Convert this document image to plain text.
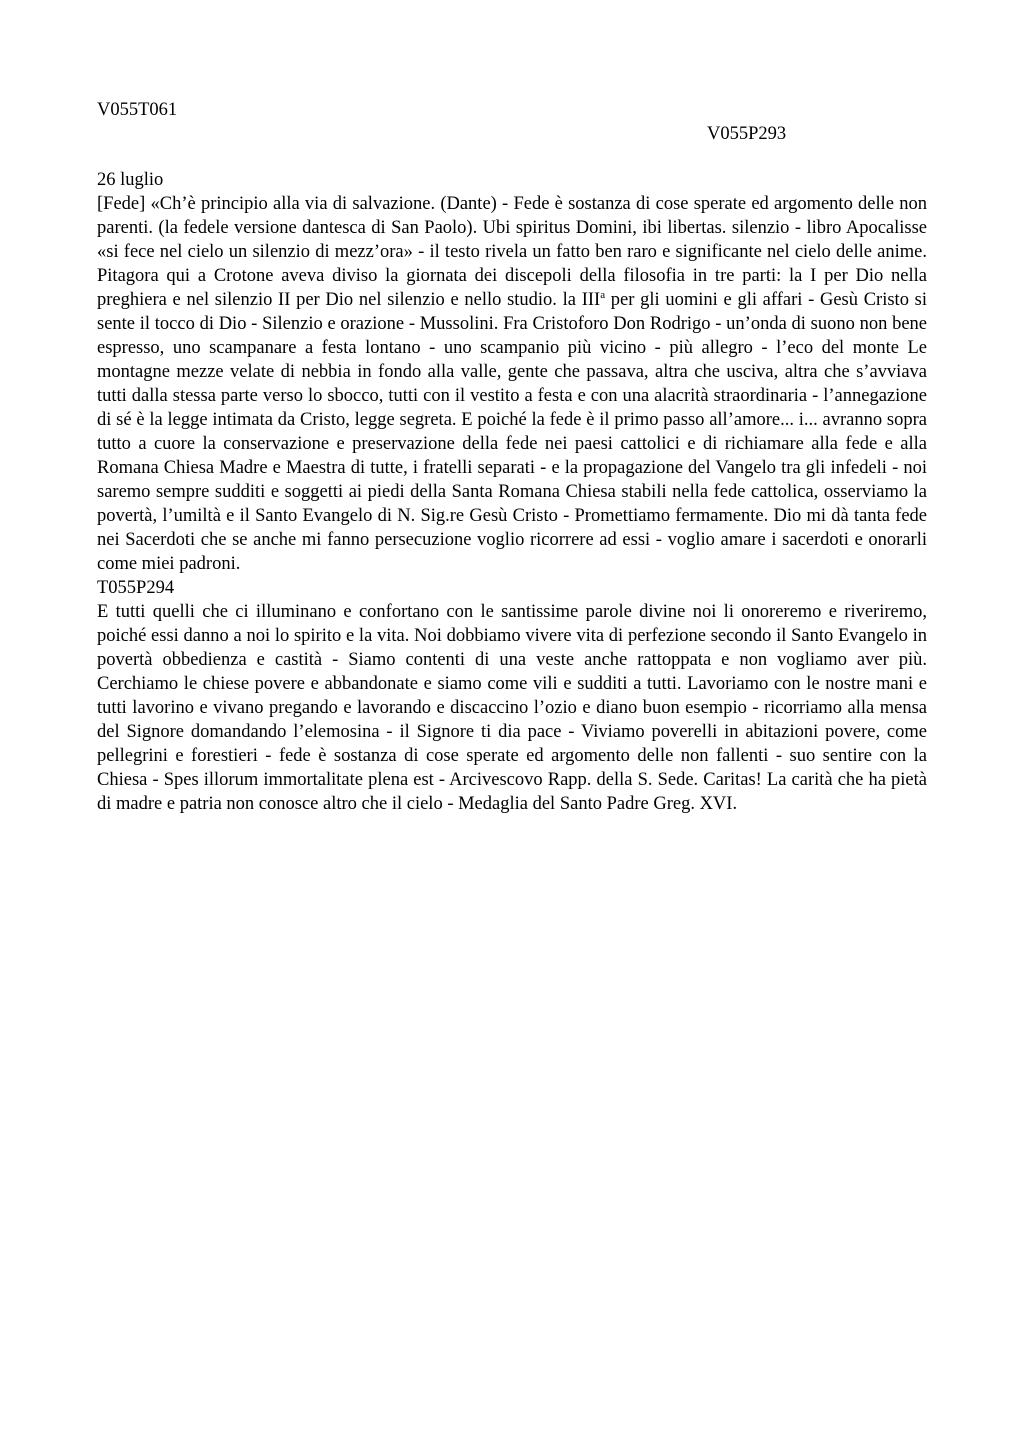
V055T061
V055P293
26 luglio

[Fede] «Ch’è principio alla via di salvazione. (Dante) - Fede è sostanza di cose sperate ed argomento delle non parenti. (la fedele versione dantesca di San Paolo). Ubi spiritus Domini, ibi libertas. silenzio - libro Apocalisse «si fece nel cielo un silenzio di mezz’ora» - il testo rivela un fatto ben raro e significante nel cielo delle anime. Pitagora qui a Crotone aveva diviso la giornata dei discepoli della filosofia in tre parti: la I per Dio nella preghiera e nel silenzio II per Dio nel silenzio e nello studio. la III$^a$ per gli uomini e gli affari - Gesù Cristo si sente il tocco di Dio - Silenzio e orazione - Mussolini. Fra Cristoforo Don Rodrigo - un’onda di suono non bene espresso, uno scampanare a festa lontano - uno scampanio più vicino - più allegro - l’eco del monte Le montagne mezze velate di nebbia in fondo alla valle, gente che passava, altra che usciva, altra che s’avviava tutti dalla stessa parte verso lo sbocco, tutti con il vestito a festa e con una alacrità straordinaria - l’annegazione di sé è la legge intimata da Cristo, legge segreta. E poiché la fede è il primo passo all’amore... i... avranno sopra tutto a cuore la conservazione e preservazione della fede nei paesi cattolici e di richiamare alla fede e alla Romana Chiesa Madre e Maestra di tutte, i fratelli separati - e la propagazione del Vangelo tra gli infedeli - noi saremo sempre sudditi e soggetti ai piedi della Santa Romana Chiesa stabili nella fede cattolica, osserviamo la povertà, l’umiltà e il Santo Evangelo di N. Sig.re Gesù Cristo - Promettiamo fermamente. Dio mi dà tanta fede nei Sacerdoti che se anche mi fanno persecuzione voglio ricorrere ad essi - voglio amare i sacerdoti e onorarli come miei padroni.

T055P294

E tutti quelli che ci illuminano e confortano con le santissime parole divine noi li onoreremo e riveriremo, poiché essi danno a noi lo spirito e la vita. Noi dobbiamo vivere vita di perfezione secondo il Santo Evangelo in povertà obbedienza e castità - Siamo contenti di una veste anche rattoppata e non vogliamo aver più. Cerchiamo le chiese povere e abbandonate e siamo come vili e sudditi a tutti. Lavoriamo con le nostre mani e tutti lavorino e vivano pregando e lavorando e discaccino l’ozio e diano buon esempio - ricorriamo alla mensa del Signore domandando l’elemosina - il Signore ti dia pace - Viviamo poverelli in abitazioni povere, come pellegrini e forestieri - fede è sostanza di cose sperate ed argomento delle non fallenti - suo sentire con la Chiesa - Spes illorum immortalitate plena est - Arcivescovo Rapp. della S. Sede. Caritas! La carità che ha pietà di madre e patria non conosce altro che il cielo - Medaglia del Santo Padre Greg. XVI.
